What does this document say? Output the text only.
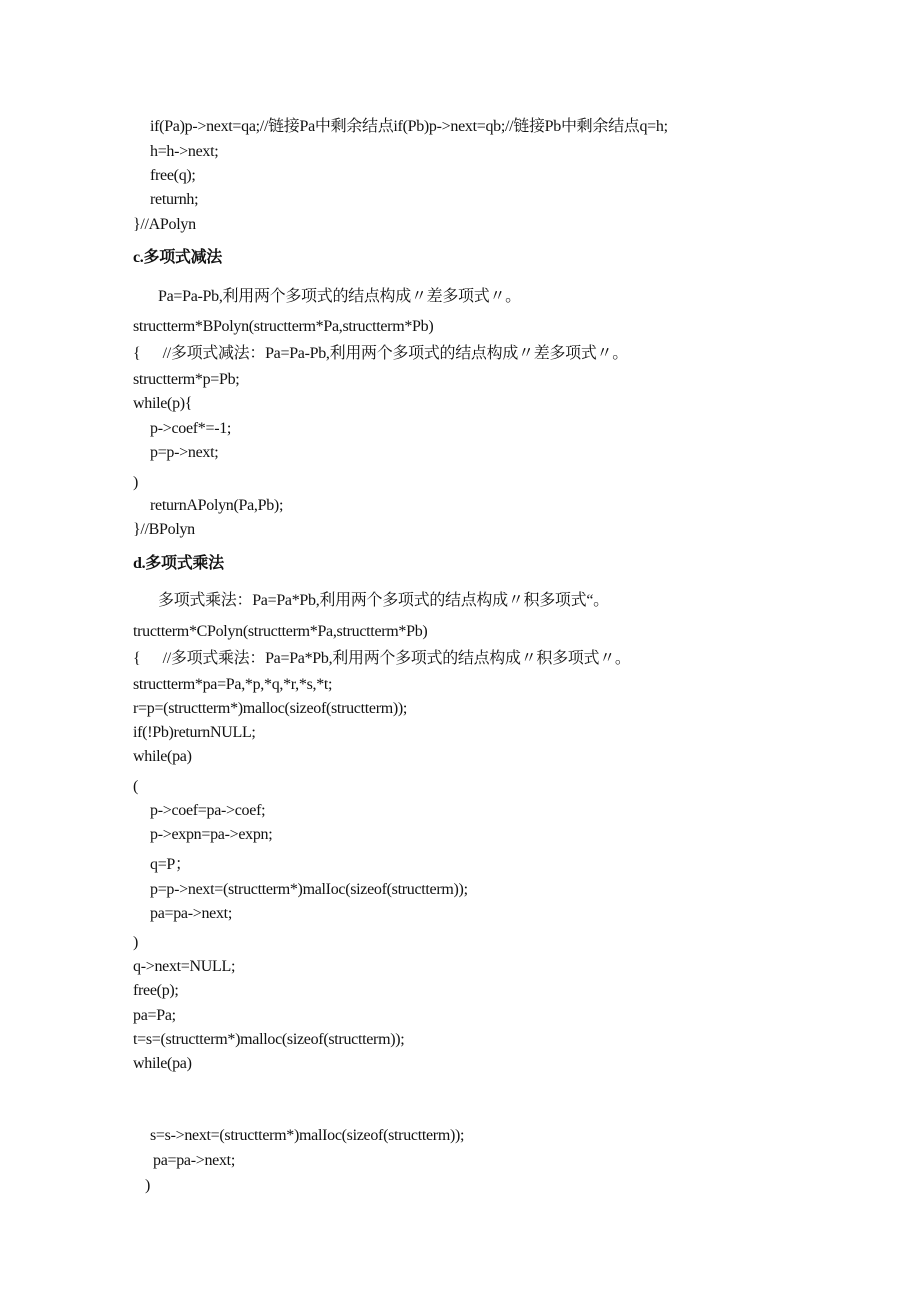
if(Pa)p->next=qa;//链接Pa中剩余结点if(Pb)p->next=qb;//链接Pb中剩余结点q=h;
h=h->next;
free(q);
returnh;
}//APolyn
c.多项式减法
Pa=Pa-Pb,利用两个多项式的结点构成〃差多项式〃。
structterm*BPolyn(structterm*Pa,structterm*Pb)
{      //多项式减法：Pa=Pa-Pb,利用两个多项式的结点构成〃差多项式〃。
structterm*p=Pb;
while(p){
p->coef*=-1;
p=p->next;
)
returnAPolyn(Pa,Pb);
}//BPolyn
d.多项式乘法
多项式乘法：Pa=Pa*Pb,利用两个多项式的结点构成〃积多项式“。
tructterm*CPolyn(structterm*Pa,structterm*Pb)
{      //多项式乘法：Pa=Pa*Pb,利用两个多项式的结点构成〃积多项式〃。
structterm*pa=Pa,*p,*q,*r,*s,*t;
r=p=(structterm*)malloc(sizeof(structterm));
if(!Pb)returnNULL;
while(pa)
(
p->coef=pa->coef;
p->expn=pa->expn;
q=P；
p=p->next=(structterm*)malIoc(sizeof(structterm));
pa=pa->next;
)
q->next=NULL;
free(p);
pa=Pa;
t=s=(structterm*)malloc(sizeof(structterm));
while(pa)
s=s->next=(structterm*)malIoc(sizeof(structterm));
pa=pa->next;
)
